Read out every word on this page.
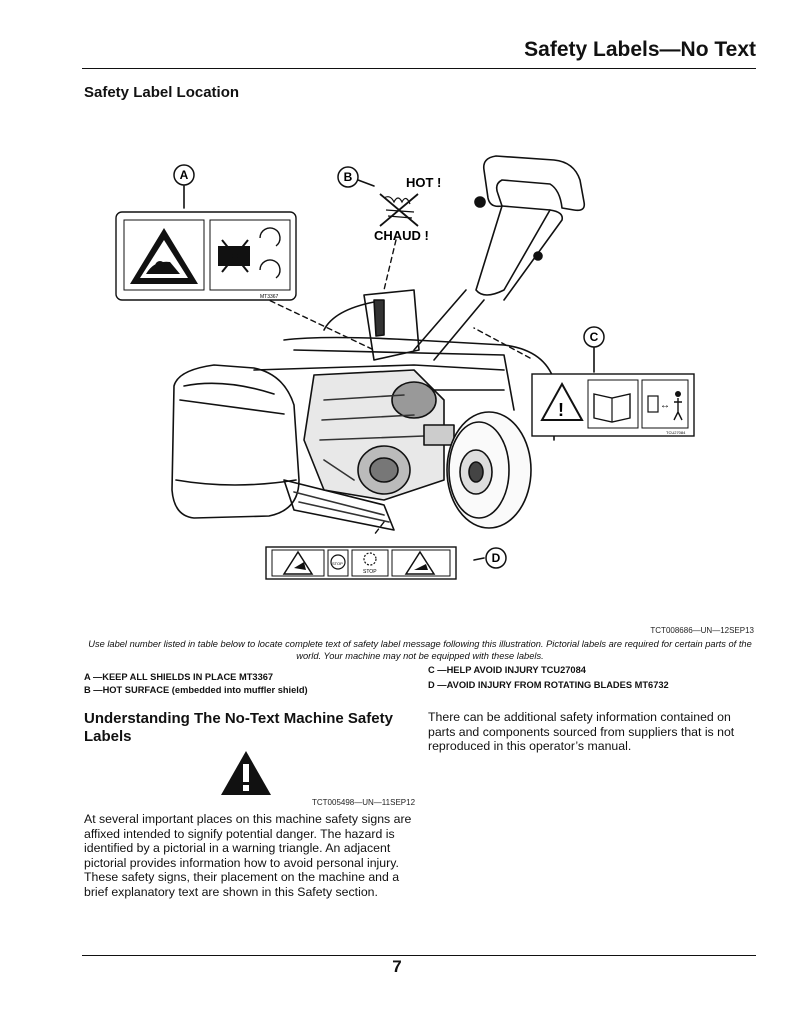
Safety Labels—No Text
Safety Label Location
A	B
C
D
HOT !
CHAUD !
MT3367
!	↔
TCU27084
STOP
STOP
TCT008686—UN—12SEP13
Use label number listed in table below to locate complete text of safety label message following this illustration. Pictorial labels are required for certain parts of the world. Your machine may not be equipped with these labels.
A —KEEP ALL SHIELDS IN PLACE MT3367
B —HOT SURFACE (embedded into muffler shield)
C —HELP AVOID INJURY TCU27084
D —AVOID INJURY FROM ROTATING BLADES MT6732
Understanding The No-Text Machine Safety Labels
TCT005498—UN—11SEP12
At several important places on this machine safety signs are affixed intended to signify potential danger. The hazard is identified by a pictorial in a warning triangle. An adjacent pictorial provides information how to avoid personal injury. These safety signs, their placement on the machine and a brief explanatory text are shown in this Safety section.
There can be additional safety information contained on parts and components sourced from suppliers that is not reproduced in this operator’s manual.
7
